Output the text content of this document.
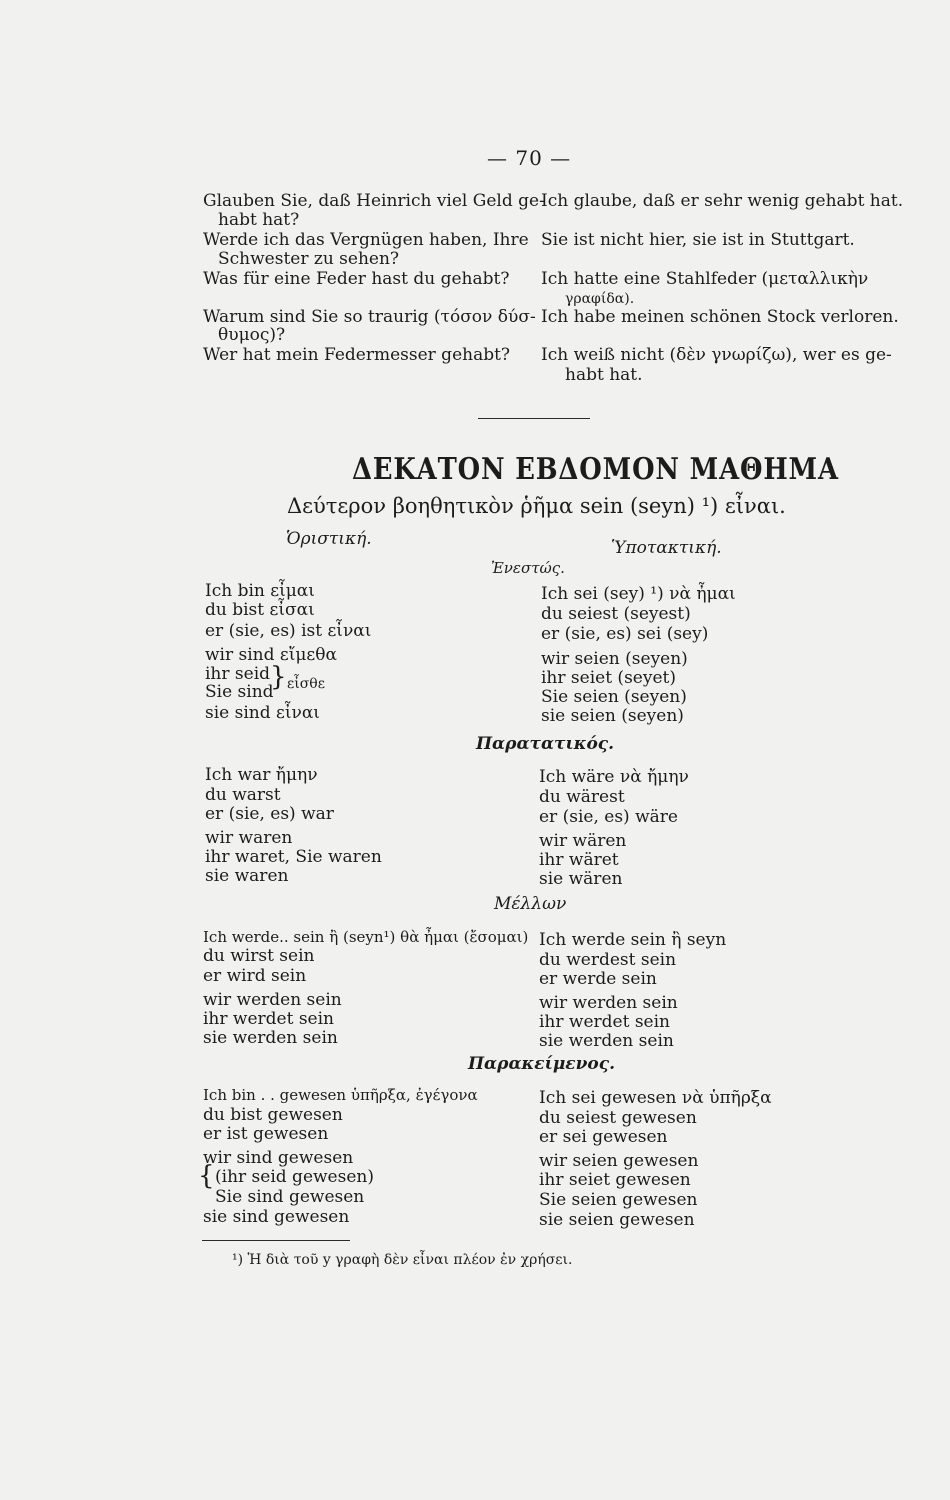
— 70 —
Glauben Sie, daß Heinrich viel Geld ge-
habt hat?
Werde ich das Vergnügen haben, Ihre
Schwester zu sehen?
Was für eine Feder hast du gehabt?
Warum sind Sie so traurig (τόσον δύσ-
θυμος)?
Wer hat mein Federmesser gehabt?
Ich glaube, daß er sehr wenig gehabt hat.
Sie ist nicht hier, sie ist in Stuttgart.
Ich hatte eine Stahlfeder (μεταλλικὴν
γραφίδα).
Ich habe meinen schönen Stock verloren.
Ich weiß nicht (δὲν γνωρίζω), wer es ge-
habt hat.
ΔΕΚΑΤΟΝ ΕΒΔΟΜΟΝ ΜΑΘΗΜΑ
Δεύτερον βοηθητικὸν ῥῆμα sein (seyn) ¹) εἶναι.
Ὁριστική.	Ὑποτακτική.
Ἐνεστώς.
Ich bin εἶμαι
du bist εἶσαι
er (sie, es) ist εἶναι
wir sind εἴμεθα
ihr seid
Sie sind
} εἶσθε
sie sind εἶναι
Ich sei (sey) ¹) νὰ ἦμαι
du seiest (seyest)
er (sie, es) sei (sey)
wir seien (seyen)
ihr seiet (seyet)
Sie seien (seyen)
sie seien (seyen)
Παρατατικός.
Ich war ἤμην
du warst
er (sie, es) war
wir waren
ihr waret, Sie waren
sie waren
Ich wäre νὰ ἤμην
du wärest
er (sie, es) wäre
wir wären
ihr wäret
sie wären
Μέλλων
Ich werde.. sein ἢ (seyn¹) θὰ ἦμαι (ἔσομαι)
du wirst sein
er wird sein
wir werden sein
ihr werdet sein
sie werden sein
Ich werde sein ἢ seyn
du werdest sein
er werde sein
wir werden sein
ihr werdet sein
sie werden sein
Παρακείμενος.
Ich bin . . gewesen ὑπῆρξα, ἐγέγονα
du bist gewesen
er ist gewesen
wir sind gewesen
{ (ihr seid gewesen)
Sie sind gewesen
sie sind gewesen
Ich sei gewesen νὰ ὑπῆρξα
du seiest gewesen
er sei gewesen
wir seien gewesen
ihr seiet gewesen
Sie seien gewesen
sie seien gewesen
¹) Ἡ διὰ τοῦ y γραφὴ δὲν εἶναι πλέον ἐν χρήσει.
